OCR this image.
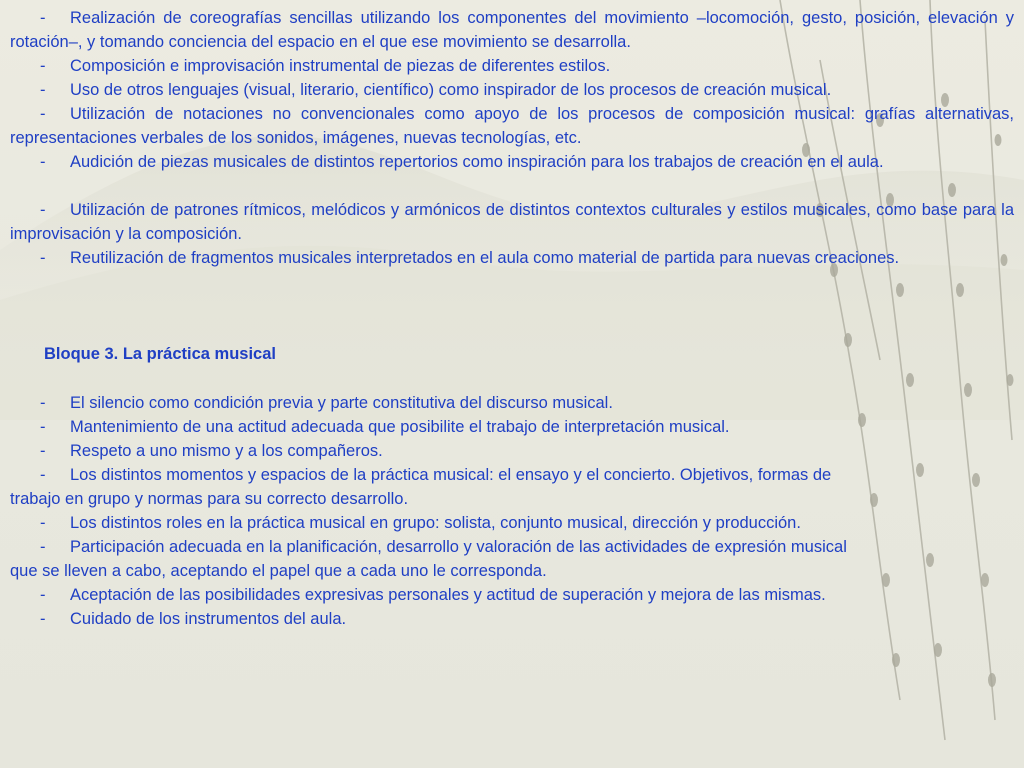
- Realización de coreografías sencillas utilizando los componentes del movimiento –locomoción, gesto, posición, elevación y rotación–, y tomando conciencia del espacio en el que ese movimiento se desarrolla.

- Composición e improvisación instrumental de piezas de diferentes estilos.

- Uso de otros lenguajes (visual, literario, científico) como inspirador de los procesos de creación musical.

- Utilización de notaciones no convencionales como apoyo de los procesos de composición musical: grafías alternativas, representaciones verbales de los sonidos, imágenes, nuevas tecnologías, etc.

- Audición de piezas musicales de distintos repertorios como inspiración para los trabajos de creación en el aula.

- Utilización de patrones rítmicos, melódicos y armónicos de distintos contextos culturales y estilos musicales, como base para la improvisación y la composición.

- Reutilización de fragmentos musicales interpretados en el aula como material de partida para nuevas creaciones.

Bloque 3. La práctica musical

- El silencio como condición previa y parte constitutiva del discurso musical.

- Mantenimiento de una actitud adecuada que posibilite el trabajo de interpretación musical.

- Respeto a uno mismo y a los compañeros.

- Los distintos momentos y espacios de la práctica musical: el ensayo y el concierto. Objetivos, formas de
trabajo en grupo y normas para su correcto desarrollo.

- Los distintos roles en la práctica musical en grupo: solista, conjunto musical, dirección y producción.

- Participación adecuada en la planificación, desarrollo y valoración de las actividades de expresión musical
que se lleven a cabo, aceptando el papel que a cada uno le corresponda.

- Aceptación de las posibilidades expresivas personales y actitud de superación y mejora de las mismas.

- Cuidado de los instrumentos del aula.
